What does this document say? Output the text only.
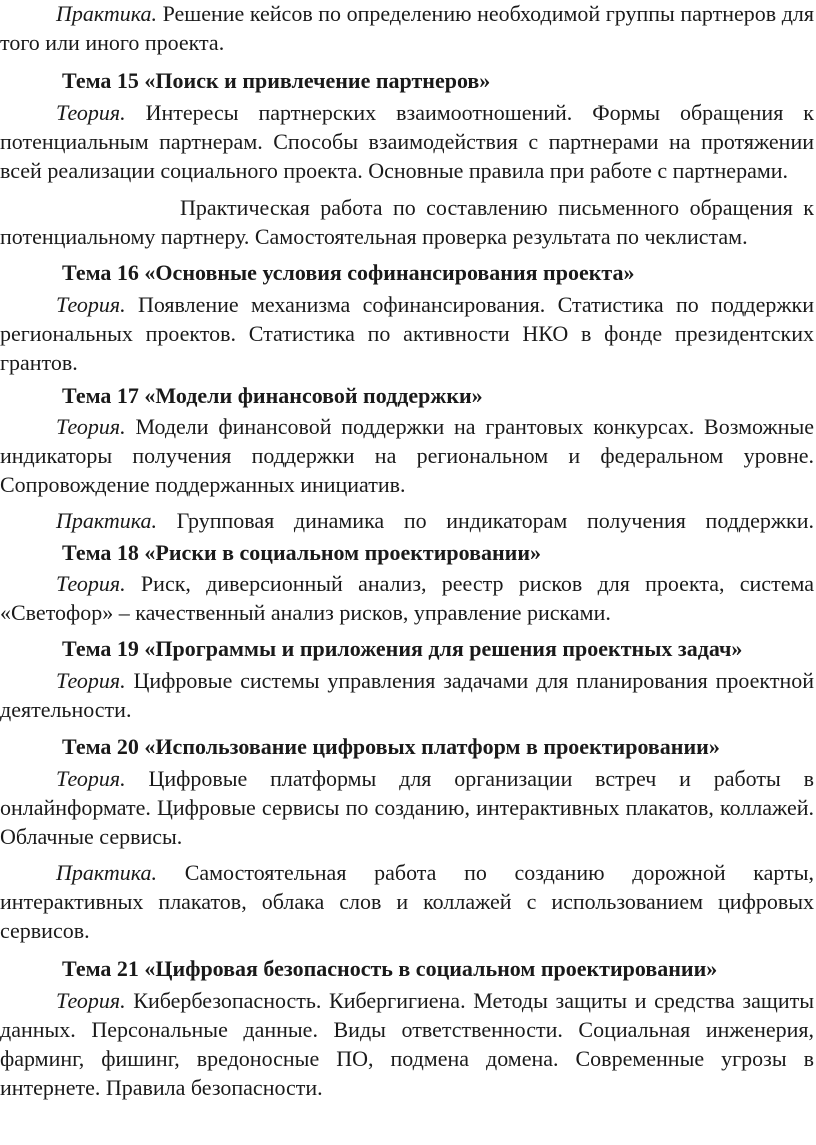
Практика. Решение кейсов по определению необходимой группы партнеров для того или иного проекта.

Тема 15 «Поиск и привлечение партнеров»

Теория. Интересы партнерских взаимоотношений. Формы обращения к потенциальным партнерам. Способы взаимодействия с партнерами на протяжении всей реализации социального проекта. Основные правила при работе с партнерами.

Практическая работа по составлению письменного обращения к потенциальному партнеру. Самостоятельная проверка результата по чеклистам.

Тема 16 «Основные условия софинансирования проекта»

Теория. Появление механизма софинансирования. Статистика по поддержки региональных проектов. Статистика по активности НКО в фонде президентских грантов.

Тема 17 «Модели финансовой поддержки»

Теория. Модели финансовой поддержки на грантовых конкурсах. Возможные индикаторы получения поддержки на региональном и федеральном уровне. Сопровождение поддержанных инициатив.

Практика. Групповая динамика по индикаторам получения поддержки.

Тема 18 «Риски в социальном проектировании»

Теория. Риск, диверсионный анализ, реестр рисков для проекта, система «Светофор» – качественный анализ рисков, управление рисками.

Тема 19 «Программы и приложения для решения проектных задач»

Теория. Цифровые системы управления задачами для планирования проектной деятельности.

Тема 20 «Использование цифровых платформ в проектировании»

Теория. Цифровые платформы для организации встреч и работы в онлайнформате. Цифровые сервисы по созданию, интерактивных плакатов, коллажей. Облачные сервисы.

Практика. Самостоятельная работа по созданию дорожной карты, интерактивных плакатов, облака слов и коллажей с использованием цифровых сервисов.

Тема 21 «Цифровая безопасность в социальном проектировании»

Теория. Кибербезопасность. Кибергигиена. Методы защиты и средства защиты данных. Персональные данные. Виды ответственности. Социальная инженерия, фарминг, фишинг, вредоносные ПО, подмена домена. Современные угрозы в интернете. Правила безопасности.
